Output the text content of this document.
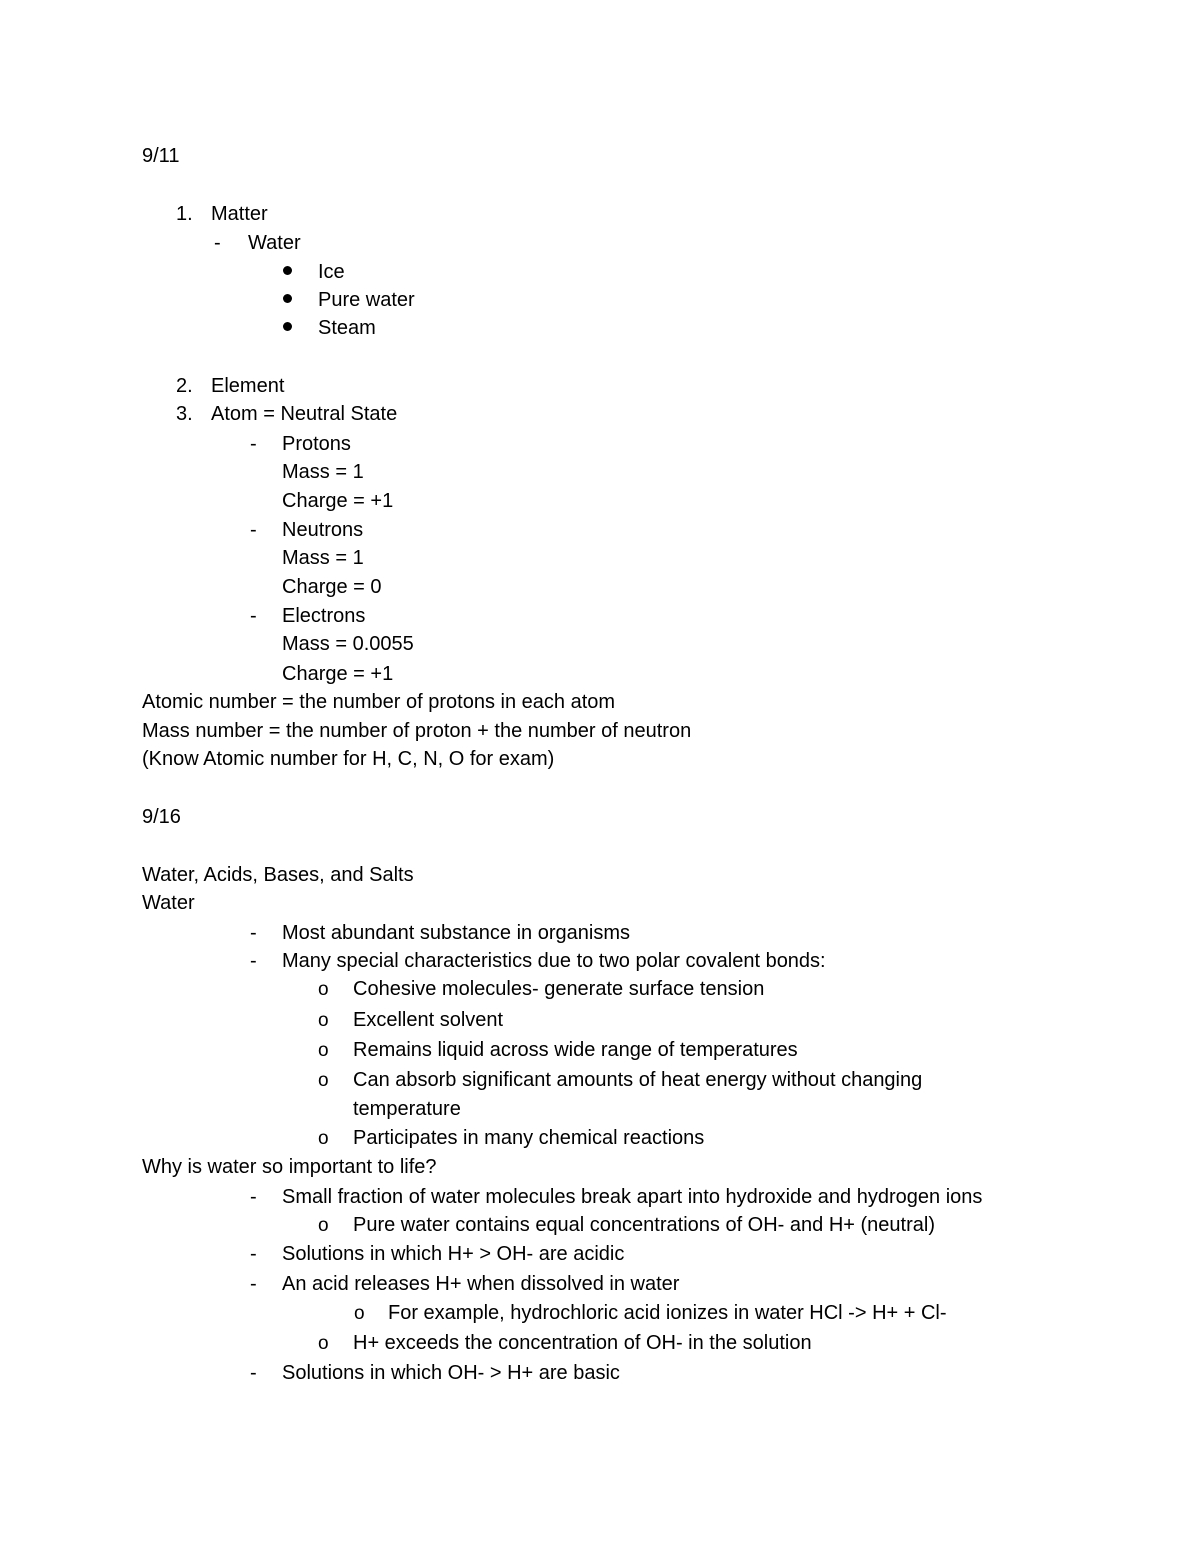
9/11
1. Matter
- Water
Ice
Pure water
Steam
2. Element
3. Atom = Neutral State
- Protons
Mass = 1
Charge = +1
- Neutrons
Mass = 1
Charge = 0
- Electrons
Mass = 0.0055
Charge = +1
Atomic number = the number of protons in each atom
Mass number = the number of proton + the number of neutron
(Know Atomic number for H, C, N, O for exam)
9/16
Water, Acids, Bases, and Salts
Water
- Most abundant substance in organisms
- Many special characteristics due to two polar covalent bonds:
o Cohesive molecules- generate surface tension
o Excellent solvent
o Remains liquid across wide range of temperatures
o Can absorb significant amounts of heat energy without changing
temperature
o Participates in many chemical reactions
Why is water so important to life?
- Small fraction of water molecules break apart into hydroxide and hydrogen ions
o Pure water contains equal concentrations of OH- and H+ (neutral)
- Solutions in which H+ > OH- are acidic
- An acid releases H+ when dissolved in water
o For example, hydrochloric acid ionizes in water HCl -> H+ + Cl-
o H+ exceeds the concentration of OH- in the solution
- Solutions in which OH- > H+ are basic
